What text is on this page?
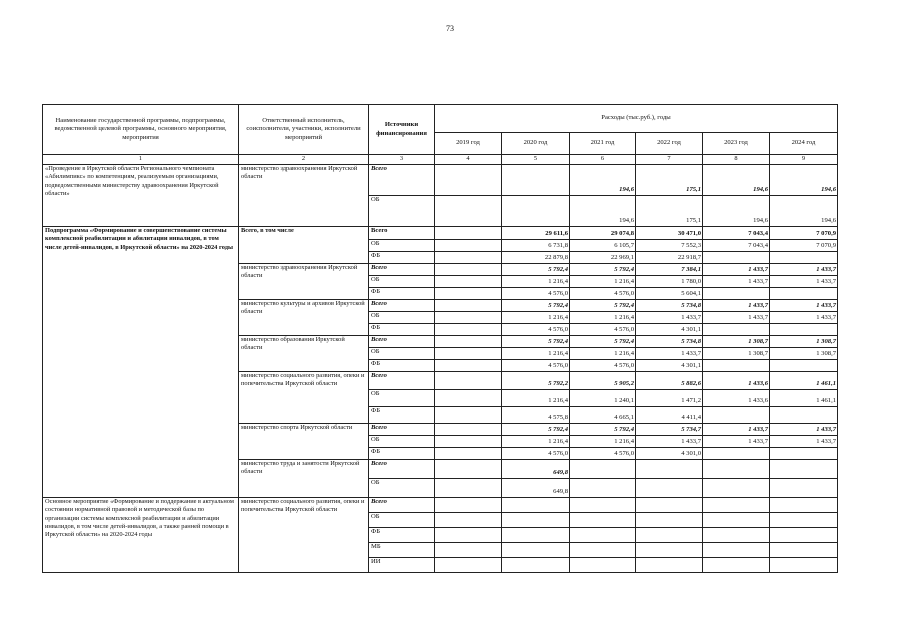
73
Наименование государственной программы, подпрограммы, ведомственной целевой программы, основного мероприятия, мероприятия	Ответственный исполнитель, соисполнители, участники, исполнители мероприятий	Источники финансирования	Расходы (тыс.руб.), годы					
			2019 год	2020 год	2021 год	2022 год	2023 год	2024 год
1	2	3	4	5	6	7	8	9
«Проведение в Иркутской области Регионального чемпионата «Абилимпикс» по компетенциям, реализуемым организациями, подведомственными министерству здравоохранения Иркутской области»	министерство здравоохранения Иркутской области	Всего			194,6	175,1	194,6	194,6
		ОБ			194,6	175,1	194,6	194,6
Подпрограмма «Формирование и совершенствование системы комплексной реабилитации и абилитации инвалидов, в том числе детей-инвалидов, в Иркутской области» на 2020-2024 годы	Всего, в том числе	Всего		29 611,6	29 074,8	30 471,0	7 043,4	7 070,9
		ОБ		6 731,8	6 105,7	7 552,3	7 043,4	7 070,9
		ФБ		22 879,8	22 969,1	22 918,7		
	министерство здравоохранения Иркутской области	Всего		5 792,4	5 792,4	7 384,1	1 433,7	1 433,7
		ОБ		1 216,4	1 216,4	1 780,0	1 433,7	1 433,7
		ФБ		4 576,0	4 576,0	5 604,1		
	министерство культуры и архивов Иркутской области	Всего		5 792,4	5 792,4	5 734,8	1 433,7	1 433,7
		ОБ		1 216,4	1 216,4	1 433,7	1 433,7	1 433,7
		ФБ		4 576,0	4 576,0	4 301,1		
	министерство образования Иркутской области	Всего		5 792,4	5 792,4	5 734,8	1 308,7	1 308,7
		ОБ		1 216,4	1 216,4	1 433,7	1 308,7	1 308,7
		ФБ		4 576,0	4 576,0	4 301,1		
	министерство социального развития, опеки и попечительства Иркутской области	Всего		5 792,2	5 905,2	5 882,6	1 433,6	1 461,1
		ОБ		1 216,4	1 240,1	1 471,2	1 433,6	1 461,1
		ФБ		4 575,8	4 665,1	4 411,4		
	министерство спорта Иркутской области	Всего		5 792,4	5 792,4	5 734,7	1 433,7	1 433,7
		ОБ		1 216,4	1 216,4	1 433,7	1 433,7	1 433,7
		ФБ		4 576,0	4 576,0	4 301,0		
	министерство труда и занятости Иркутской области	Всего		649,8				
		ОБ		649,8				
Основное мероприятие «Формирование и поддержание в актуальном состоянии нормативной правовой и методической базы по организации системы комплексной реабилитации и абилитации инвалидов, в том числе детей-инвалидов, а также ранней помощи в Иркутской области» на 2020-2024 годы	министерство социального развития, опеки и попечительства Иркутской области	Всего						
		ОБ						
		ФБ						
		МБ						
		ИИ						
